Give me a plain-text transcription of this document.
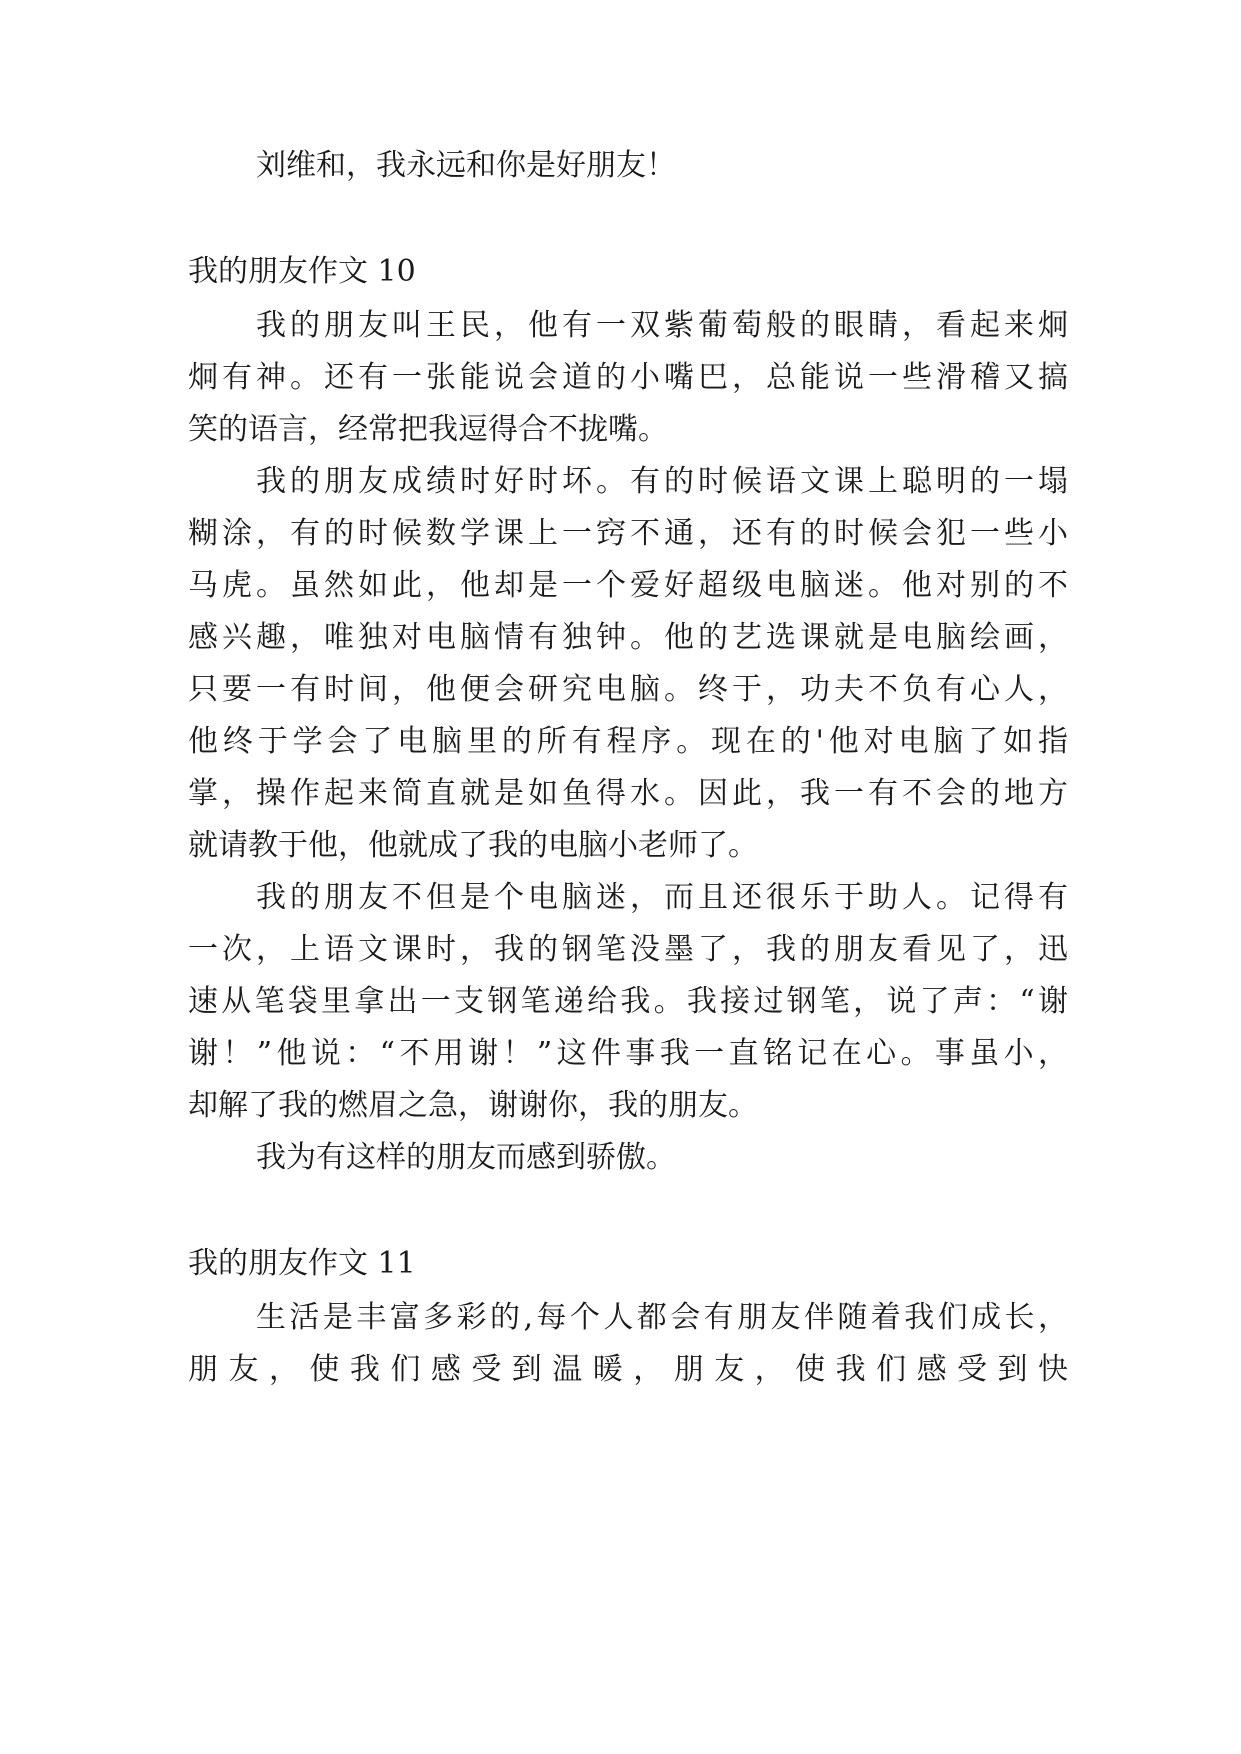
刘维和，我永远和你是好朋友！
我的朋友作文 10
我的朋友叫王民，他有一双紫葡萄般的眼睛，看起来炯
炯有神。还有一张能说会道的小嘴巴，总能说一些滑稽又搞
笑的语言，经常把我逗得合不拢嘴。
我的朋友成绩时好时坏。有的时候语文课上聪明的一塌
糊涂，有的时候数学课上一窍不通，还有的时候会犯一些小
马虎。虽然如此，他却是一个爱好超级电脑迷。他对别的不
感兴趣，唯独对电脑情有独钟。他的艺选课就是电脑绘画，
只要一有时间，他便会研究电脑。终于，功夫不负有心人，
他终于学会了电脑里的所有程序。现在的'他对电脑了如指
掌，操作起来简直就是如鱼得水。因此，我一有不会的地方
就请教于他，他就成了我的电脑小老师了。
我的朋友不但是个电脑迷，而且还很乐于助人。记得有
一次，上语文课时，我的钢笔没墨了，我的朋友看见了，迅
速从笔袋里拿出一支钢笔递给我。我接过钢笔，说了声：“谢
谢！”他说：“不用谢！”这件事我一直铭记在心。事虽小，
却解了我的燃眉之急，谢谢你，我的朋友。
我为有这样的朋友而感到骄傲。
我的朋友作文 11
生活是丰富多彩的,每个人都会有朋友伴随着我们成长，
朋友，使我们感受到温暖，朋友，使我们感受到快
